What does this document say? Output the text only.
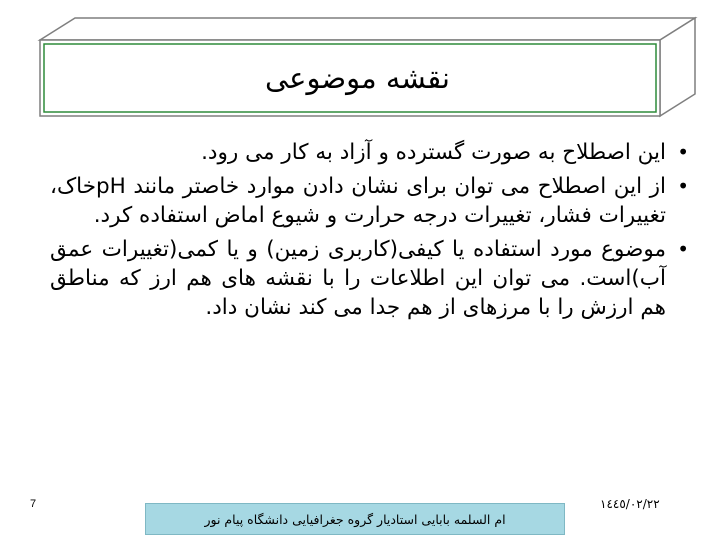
نقشه موضوعی
•
این اصطلاح به صورت گسترده و آزاد به کار می رود.
•
از این اصطلاح می توان برای نشان دادن موارد خاصتر مانند pHخاک، تغییرات فشار، تغییرات درجه حرارت و شیوع اماض استفاده کرد.
•
موضوع مورد استفاده یا کیفی(کاربری زمین) و یا کمی(تغییرات عمق آب)است. می توان این اطلاعات را با نقشه های هم ارز که مناطق هم ارزش را با مرزهای از هم جدا می کند نشان داد.
7	١٤٤٥/٠٢/٢٢
ام السلمه بابایی استادیار گروه جغرافیایی دانشگاه پیام نور
